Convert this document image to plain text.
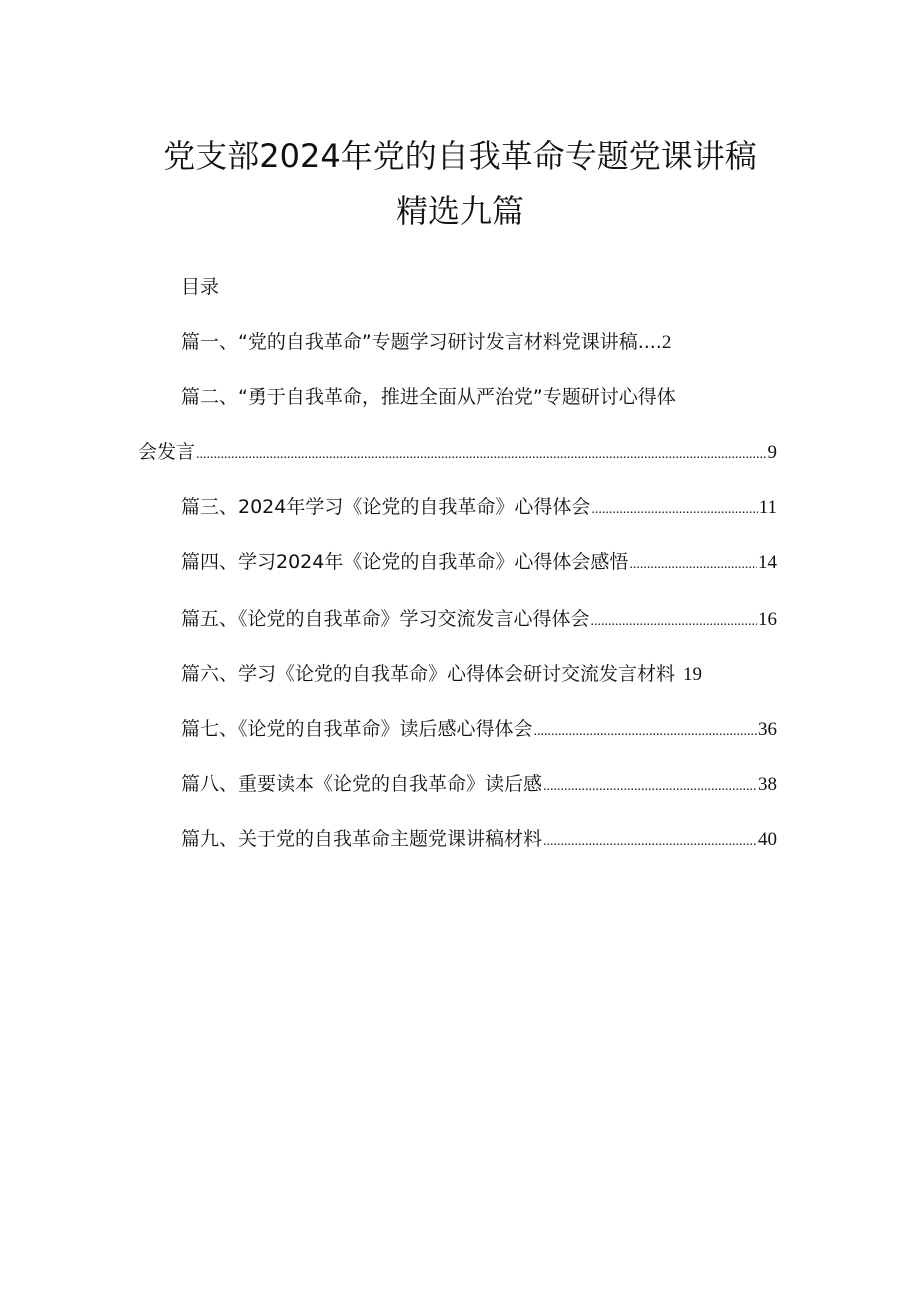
党支部2024年党的自我革命专题党课讲稿
精选九篇
目录
篇一、“党的自我革命”专题学习研讨发言材料党课讲稿.... 2
篇二、“勇于自我革命，推进全面从严治党”专题研讨心得体
会发言 .....	9
篇三、2024年学习《论党的自我革命》心得体会 .....	11
篇四、学习2024年《论党的自我革命》心得体会感悟 .....	14
篇五、《论党的自我革命》学习交流发言心得体会 .....	16
篇六、学习《论党的自我革命》心得体会研讨交流发言材料 19
篇七、《论党的自我革命》读后感心得体会 .....	36
篇八、重要读本《论党的自我革命》读后感 .....	38
篇九、关于党的自我革命主题党课讲稿材料 .....	40
